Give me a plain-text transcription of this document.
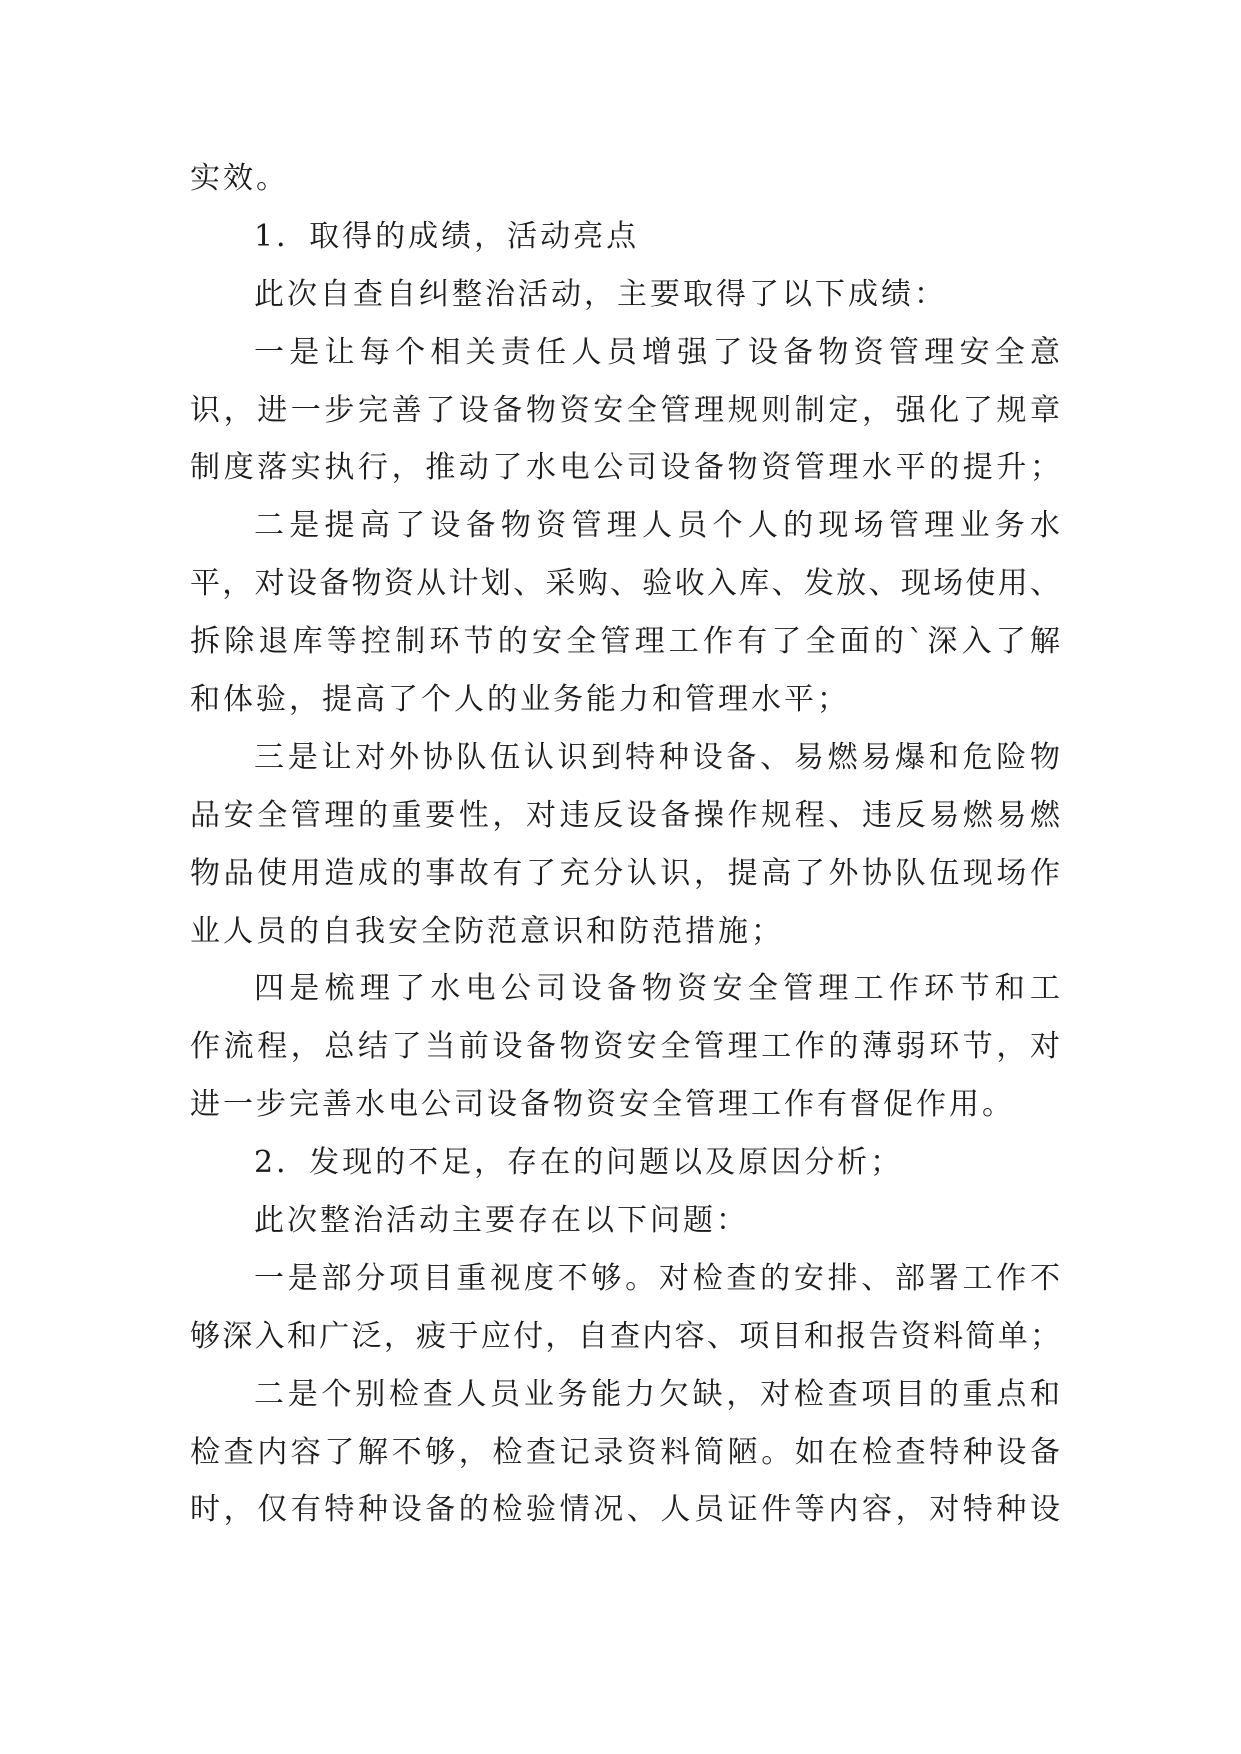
实效。
1．取得的成绩，活动亮点
此次自查自纠整治活动，主要取得了以下成绩：
一是让每个相关责任人员增强了设备物资管理安全意
识，进一步完善了设备物资安全管理规则制定，强化了规章
制度落实执行，推动了水电公司设备物资管理水平的提升；
二是提高了设备物资管理人员个人的现场管理业务水
平，对设备物资从计划、采购、验收入库、发放、现场使用、
拆除退库等控制环节的安全管理工作有了全面的`深入了解
和体验，提高了个人的业务能力和管理水平；
三是让对外协队伍认识到特种设备、易燃易爆和危险物
品安全管理的重要性，对违反设备操作规程、违反易燃易燃
物品使用造成的事故有了充分认识，提高了外协队伍现场作
业人员的自我安全防范意识和防范措施；
四是梳理了水电公司设备物资安全管理工作环节和工
作流程，总结了当前设备物资安全管理工作的薄弱环节，对
进一步完善水电公司设备物资安全管理工作有督促作用。
2．发现的不足，存在的问题以及原因分析；
此次整治活动主要存在以下问题：
一是部分项目重视度不够。对检查的安排、部署工作不
够深入和广泛，疲于应付，自查内容、项目和报告资料简单；
二是个别检查人员业务能力欠缺，对检查项目的重点和
检查内容了解不够，检查记录资料简陋。如在检查特种设备
时，仅有特种设备的检验情况、人员证件等内容，对特种设
